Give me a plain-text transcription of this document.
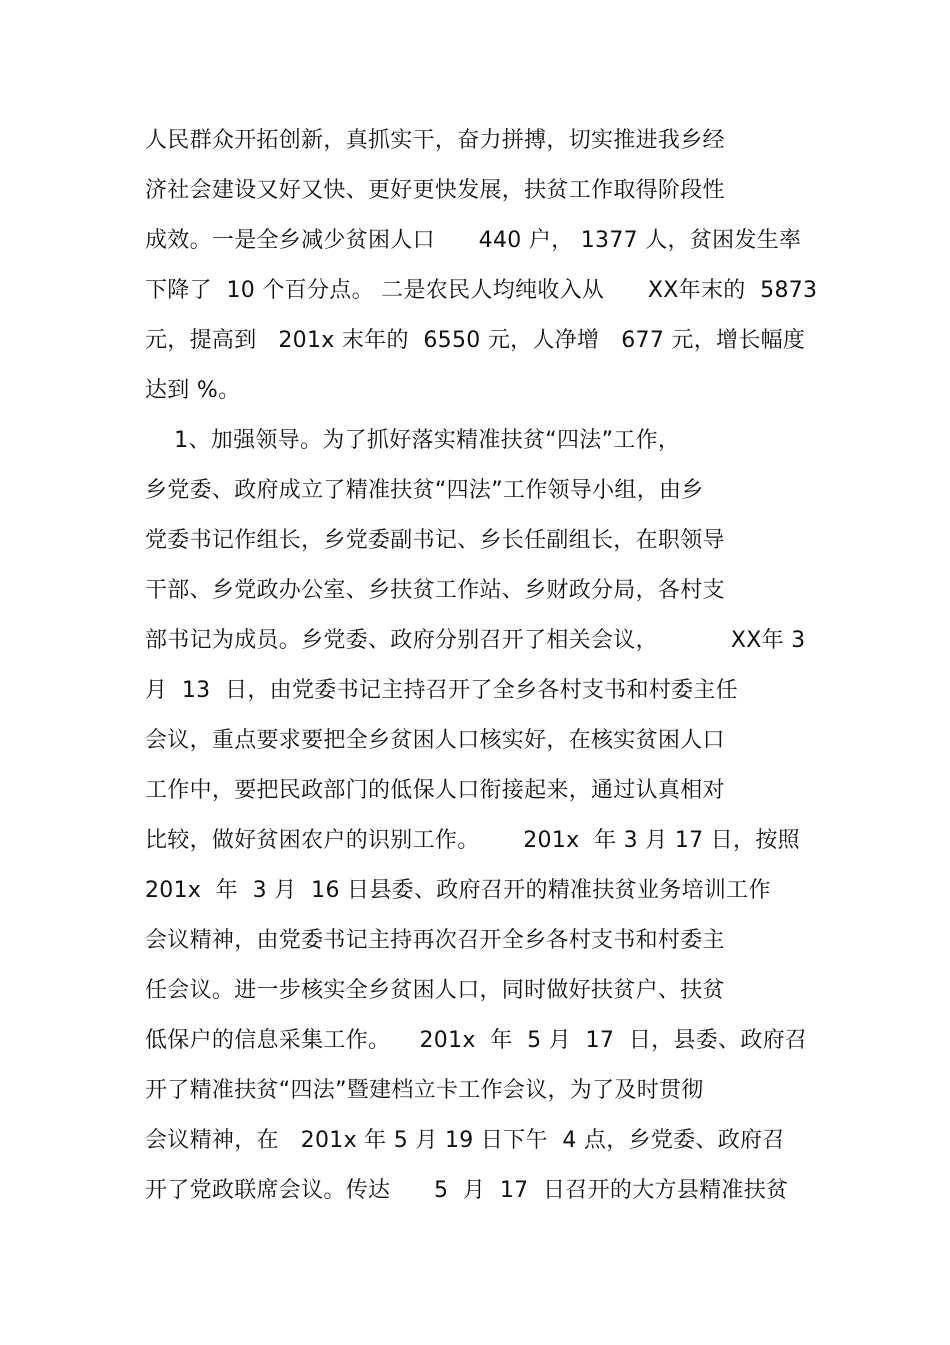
人民群众开拓创新，真抓实干，奋力拼搏，切实推进我乡经
济社会建设又好又快、更好更快发展，扶贫工作取得阶段性
成效。一是全乡减少贫困人口      440 户， 1377 人，贫困发生率
下降了  10 个百分点。 二是农民人均纯收入从      XX年末的  5873
元，提高到   201x 末年的  6550 元，人净增   677 元，增长幅度
达到 %。
1、加强领导。为了抓好落实精准扶贫“四法”工作，
乡党委、政府成立了精准扶贫“四法”工作领导小组，由乡
党委书记作组长，乡党委副书记、乡长任副组长，在职领导
干部、乡党政办公室、乡扶贫工作站、乡财政分局，各村支
部书记为成员。乡党委、政府分别召开了相关会议，          XX年 3
月  13  日，由党委书记主持召开了全乡各村支书和村委主任
会议，重点要求要把全乡贫困人口核实好，在核实贫困人口
工作中，要把民政部门的低保人口衔接起来，通过认真相对
比较，做好贫困农户的识别工作。      201x  年 3 月 17 日，按照
201x  年  3 月  16 日县委、政府召开的精准扶贫业务培训工作
会议精神，由党委书记主持再次召开全乡各村支书和村委主
任会议。进一步核实全乡贫困人口，同时做好扶贫户、扶贫
低保户的信息采集工作。    201x  年  5 月  17  日，县委、政府召
开了精准扶贫“四法”暨建档立卡工作会议，为了及时贯彻
会议精神，在   201x 年 5 月 19 日下午  4 点，乡党委、政府召
开了党政联席会议。传达      5  月  17  日召开的大方县精准扶贫
